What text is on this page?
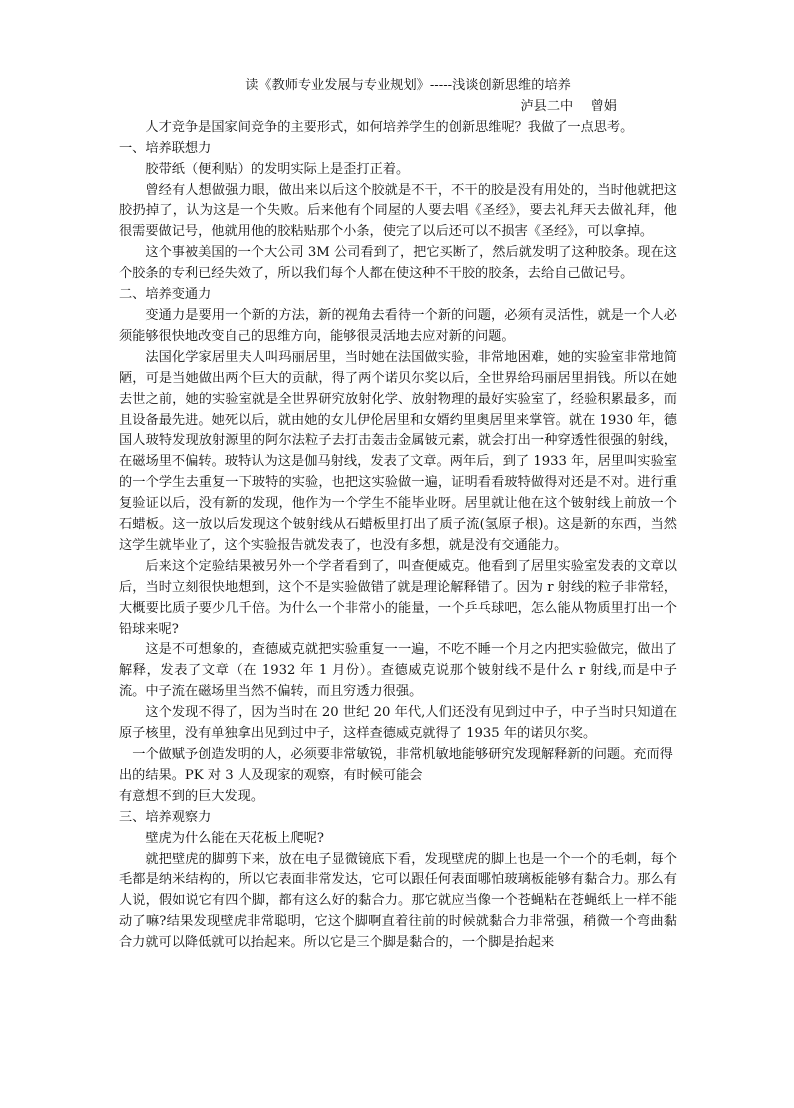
读《教师专业发展与专业规划》-----浅谈创新思维的培养

泸县二中　 曾娟

人才竞争是国家间竞争的主要形式，如何培养学生的创新思维呢？我做了一点思考。

一、培养联想力

胶带纸（便利贴）的发明实际上是歪打正着。

曾经有人想做强力眼，做出来以后这个胶就是不干，不干的胶是没有用处的，当时他就把这胶扔掉了，认为这是一个失败。后来他有个同屋的人要去唱《圣经》，要去礼拜天去做礼拜，他很需要做记号，他就用他的胶粘贴那个小条，使完了以后还可以不损害《圣经》，可以拿掉。

这个事被美国的一个大公司 3M 公司看到了，把它买断了，然后就发明了这种胶条。现在这个胶条的专利已经失效了，所以我们每个人都在使这种不干胶的胶条，去给自己做记号。

二、培养变通力

变通力是要用一个新的方法，新的视角去看待一个新的问题，必须有灵活性，就是一个人必须能够很快地改变自己的思维方向，能够很灵活地去应对新的问题。

法国化学家居里夫人叫玛丽居里，当时她在法国做实验，非常地困难，她的实验室非常地简陋，可是当她做出两个巨大的贡献，得了两个诺贝尔奖以后，全世界给玛丽居里捐钱。所以在她去世之前，她的实验室就是全世界研究放射化学、放射物理的最好实验室了，经验积累最多，而且设备最先进。她死以后，就由她的女儿伊伦居里和女婿约里奥居里来掌管。就在 1930 年，德国人玻特发现放射源里的阿尔法粒子去打击轰击金属铍元素，就会打出一种穿透性很强的射线，在磁场里不偏转。玻特认为这是伽马射线，发表了文章。两年后，到了 1933 年，居里叫实验室的一个学生去重复一下玻特的实验，也把这实验做一遍，证明看看玻特做得对还是不对。进行重复验证以后，没有新的发现，他作为一个学生不能毕业呀。居里就让他在这个铍射线上前放一个石蜡板。这一放以后发现这个铍射线从石蜡板里打出了质子流(氢原子根)。这是新的东西，当然这学生就毕业了，这个实验报告就发表了，也没有多想，就是没有交通能力。

后来这个定验结果被另外一个学者看到了，叫查便威克。他看到了居里实验室发表的文章以后，当时立刻很快地想到，这个不是实验做错了就是理论解释错了。因为 r 射线的粒子非常轻，大概要比质子要少几千倍。为什么一个非常小的能量，一个乒乓球吧，怎么能从物质里打出一个铅球来呢?

这是不可想象的，查德威克就把实验重复一一遍，不吃不睡一个月之内把实验做完，做出了解释，发表了文章（在 1932 年 1 月份）。查德威克说那个铍射线不是什么 r 射线,而是中子流。中子流在磁场里当然不偏转，而且穷透力很强。

这个发现不得了，因为当时在 20 世纪 20 年代,人们还没有见到过中子，中子当时只知道在原子核里，没有单独拿出见到过中子，这样查德威克就得了 1935 年的诺贝尔奖。

一个做赋予创造发明的人，必须要非常敏锐，非常机敏地能够研究发现解释新的问题。充而得出的结果。PK 对 3 人及现家的观察，有时候可能会

有意想不到的巨大发现。

三、培养观察力

壁虎为什么能在天花板上爬呢?

就把壁虎的脚剪下来，放在电子显微镜底下看，发现壁虎的脚上也是一个一个的毛刺，每个毛都是纳米结构的，所以它表面非常发达，它可以跟任何表面哪怕玻璃板能够有黏合力。那么有人说，假如说它有四个脚，都有这么好的黏合力。那它就应当像一个苍蝇粘在苍蝇纸上一样不能动了嘛?结果发现壁虎非常聪明，它这个脚啊直着往前的时候就黏合力非常强，稍微一个弯曲黏合力就可以降低就可以抬起来。所以它是三个脚是黏合的，一个脚是抬起来
